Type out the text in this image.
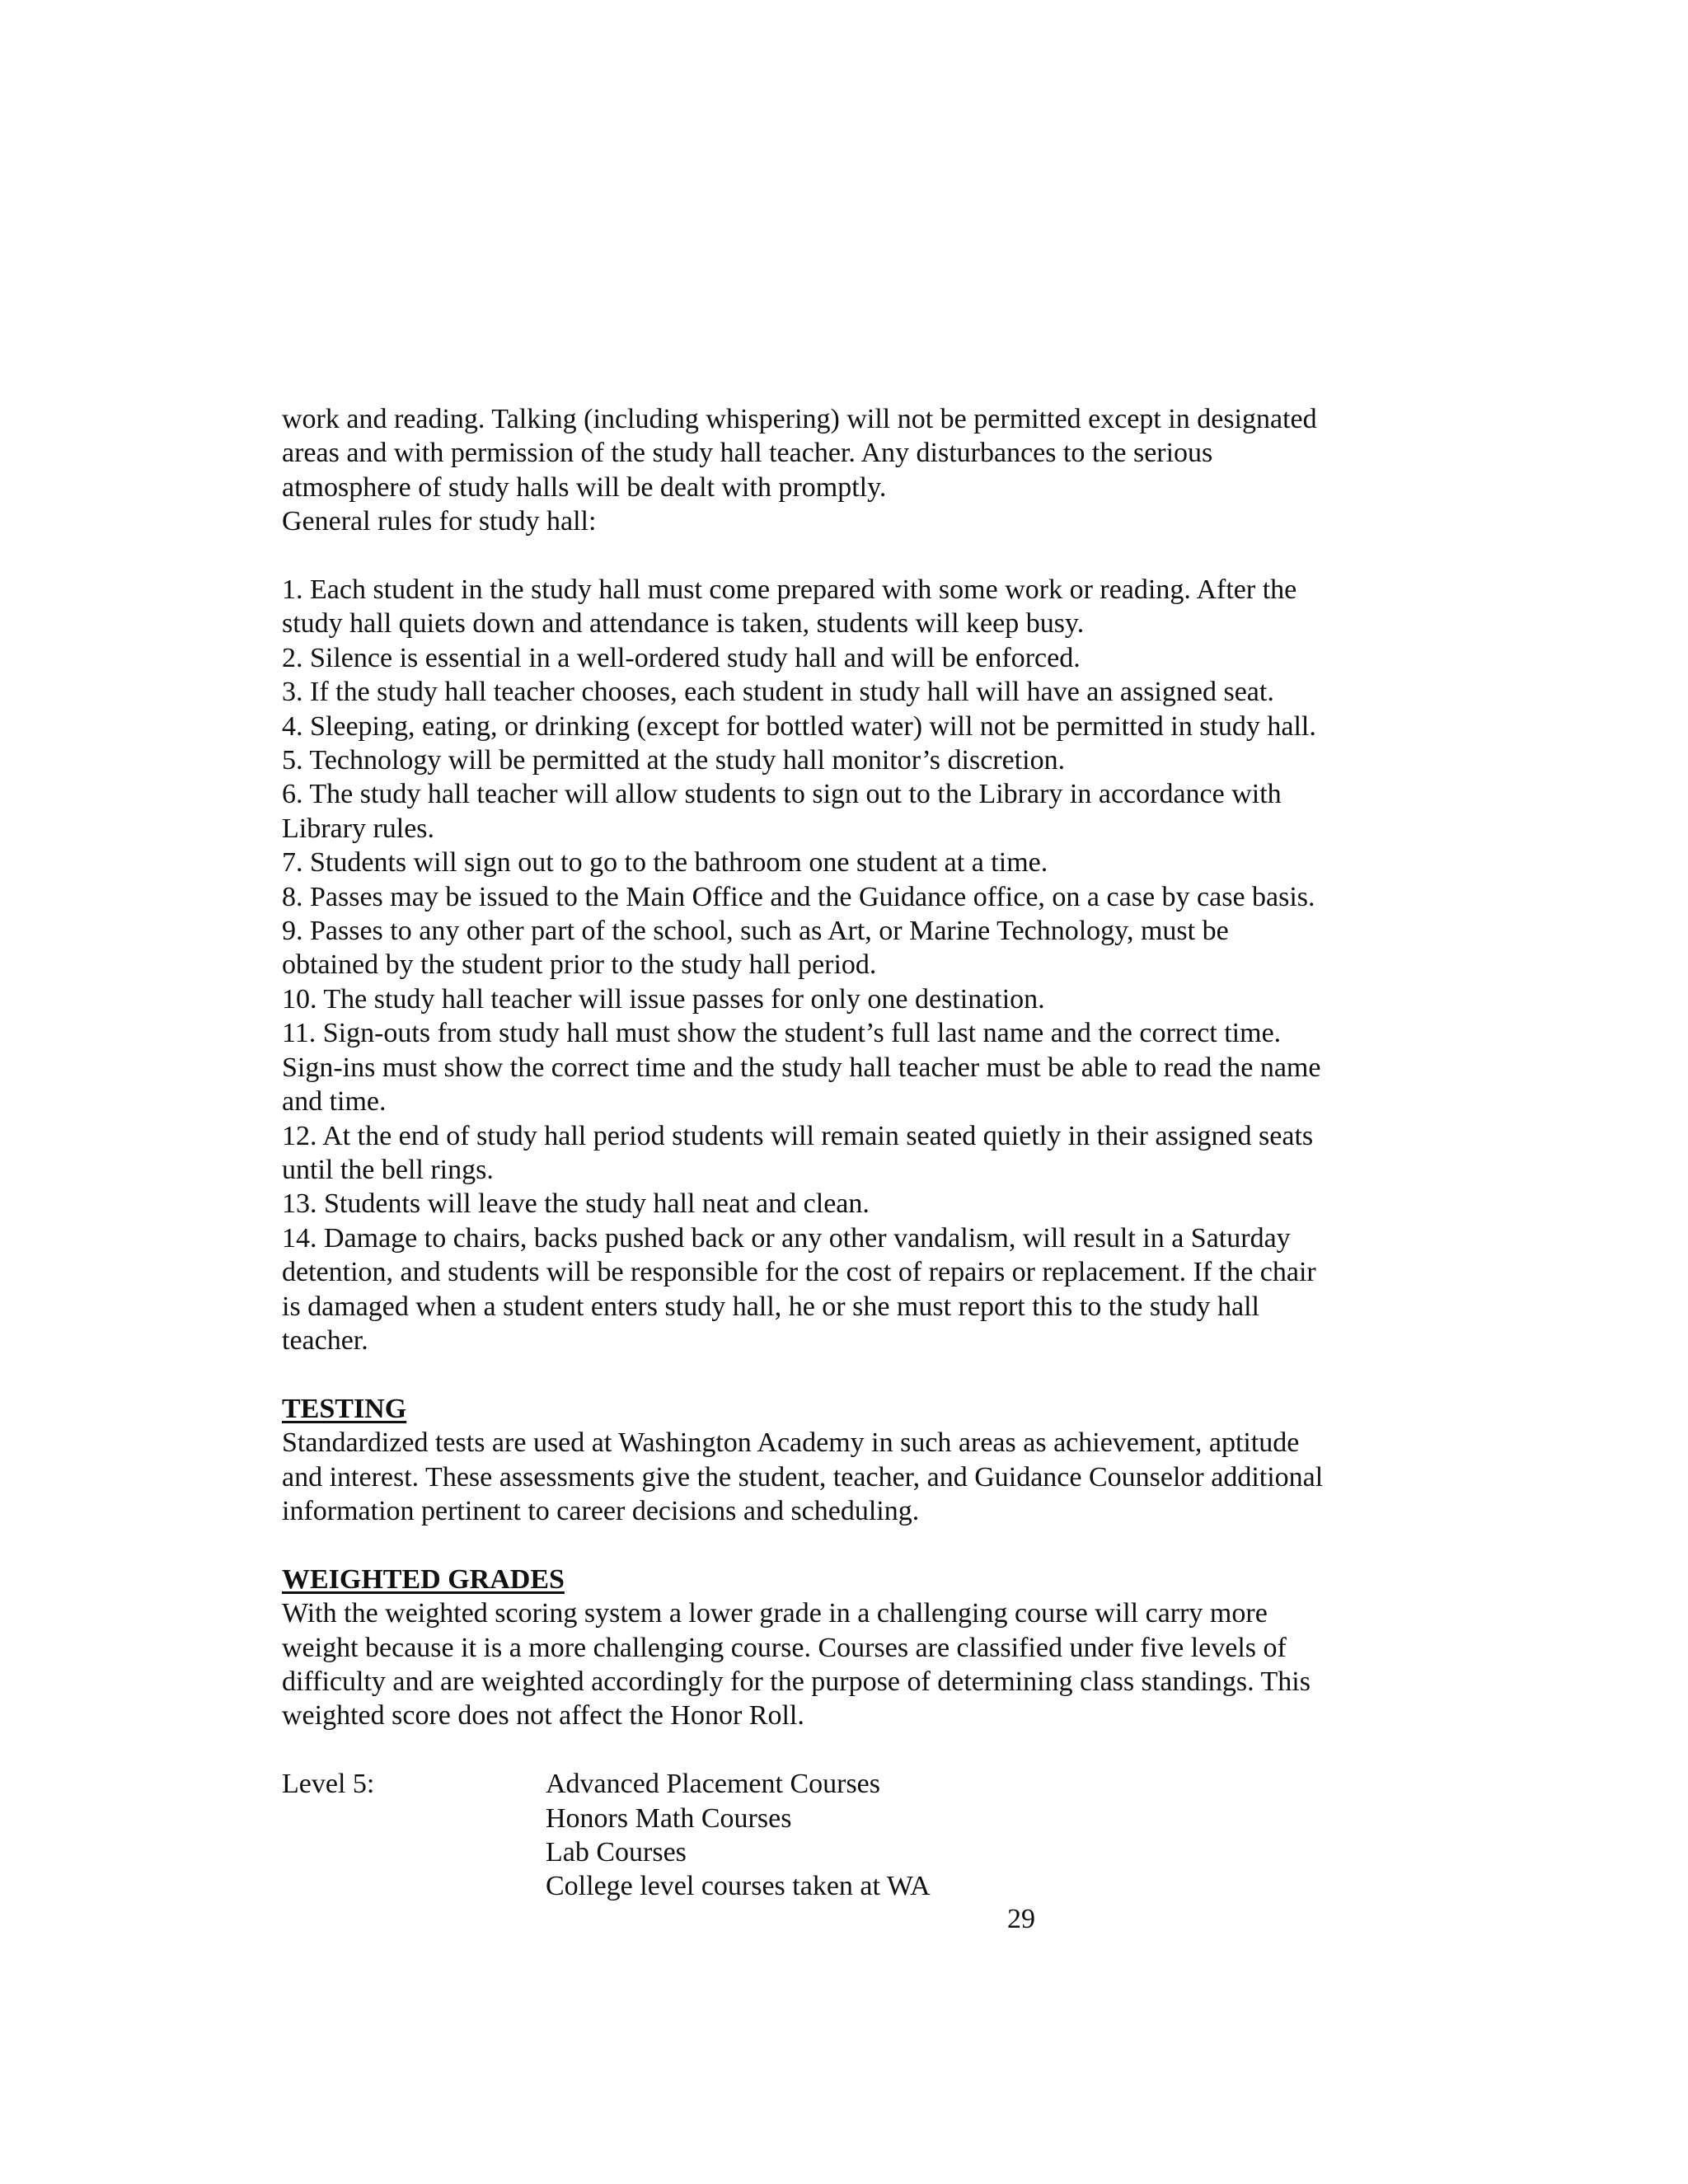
work and reading. Talking (including whispering) will not be permitted except in designated
areas and with permission of the study hall teacher. Any disturbances to the serious
atmosphere of study halls will be dealt with promptly.
General rules for study hall:
1. Each student in the study hall must come prepared with some work or reading. After the
study hall quiets down and attendance is taken, students will keep busy.
2. Silence is essential in a well-ordered study hall and will be enforced.
3. If the study hall teacher chooses, each student in study hall will have an assigned seat.
4. Sleeping, eating, or drinking (except for bottled water) will not be permitted in study hall.
5. Technology will be permitted at the study hall monitor’s discretion.
6. The study hall teacher will allow students to sign out to the Library in accordance with
Library rules.
7. Students will sign out to go to the bathroom one student at a time.
8. Passes may be issued to the Main Office and the Guidance office, on a case by case basis.
9. Passes to any other part of the school, such as Art, or Marine Technology, must be
obtained by the student prior to the study hall period.
10. The study hall teacher will issue passes for only one destination.
11. Sign-outs from study hall must show the student’s full last name and the correct time.
Sign-ins must show the correct time and the study hall teacher must be able to read the name
and time.
12. At the end of study hall period students will remain seated quietly in their assigned seats
until the bell rings.
13. Students will leave the study hall neat and clean.
14. Damage to chairs, backs pushed back or any other vandalism, will result in a Saturday
detention, and students will be responsible for the cost of repairs or replacement. If the chair
is damaged when a student enters study hall, he or she must report this to the study hall
teacher.
TESTING
Standardized tests are used at Washington Academy in such areas as achievement, aptitude
and interest. These assessments give the student, teacher, and Guidance Counselor additional
information pertinent to career decisions and scheduling.
WEIGHTED GRADES
With the weighted scoring system a lower grade in a challenging course will carry more
weight because it is a more challenging course. Courses are classified under five levels of
difficulty and are weighted accordingly for the purpose of determining class standings. This
weighted score does not affect the Honor Roll.
Level 5:	Advanced Placement Courses
Honors Math Courses
Lab Courses
College level courses taken at WA
29
